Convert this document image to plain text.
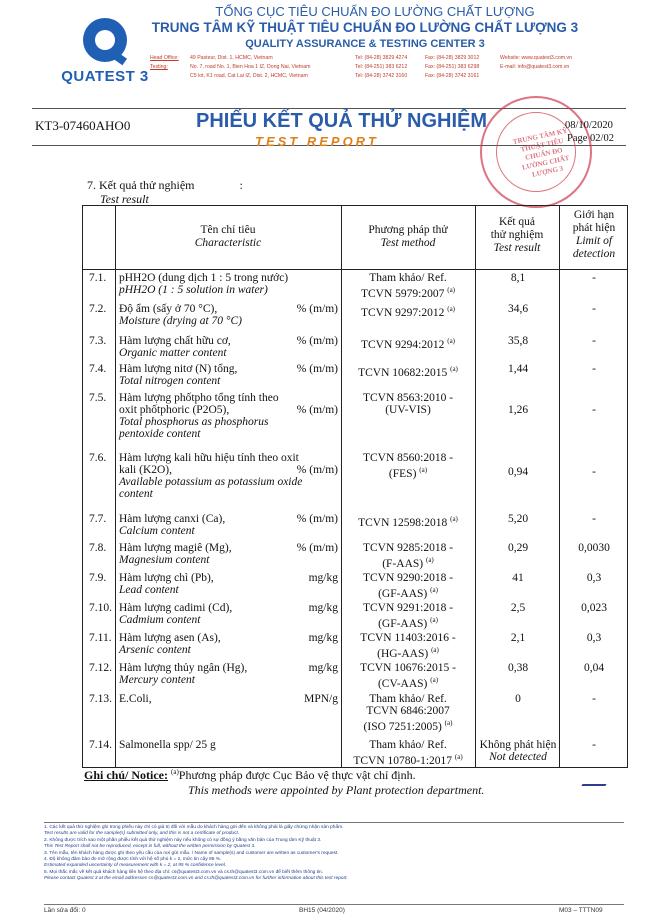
QUATEST 3
TỔNG CỤC TIÊU CHUẨN ĐO LƯỜNG CHẤT LƯỢNG
TRUNG TÂM KỸ THUẬT TIÊU CHUẨN ĐO LƯỜNG CHẤT LƯỢNG 3
QUALITY ASSURANCE & TESTING CENTER 3
Head Office:	49 Pasteur, Dist. 1, HCMC, Vietnam	Tel: (84-28) 3829 4274	Fax: (84-28) 3829 3012	Website: www.quatest3.com.vn
Testing:	No. 7, road No. 1, Bien Hoa 1 IZ, Dong Nai, Vietnam	Tel: (84-251) 383 6212	Fax: (84-251) 383 6298	E-mail: info@quatest3.com.vn
C5 lot, K1 road, Cat Lai IZ, Dist. 2, HCMC, Vietnam	Tel: (84-28) 3742 3160	Fax: (84-28) 3742 3161
KT3-07460AHO0	PHIẾU KẾT QUẢ THỬ NGHIỆM
TEST REPORT	TRUNG TÂM KỸ THUẬT TIÊU CHUẨN ĐO LƯỜNG CHẤT LƯỢNG 3
08/10/2020
Page 02/02
7. Kết quả thử nghiệm	:
Test result
Tên chỉ tiêu
Characteristic
Phương pháp thử
Test method
Kết quả
thử nghiệm
Test result
Giới hạn
phát hiện
Limit of
detection
7.1. pHH2O (dung dịch 1 : 5 trong nước)
pHH2O (1 : 5 solution in water)
Tham khảo/ Ref.
TCVN 5979:2007 $^{(a)}$
8,1	-
7.2. Độ ẩm (sấy ở 70 °C),
Moisture (drying at 70 °C)
% (m/m)	TCVN 9297:2012 $^{(a)}$	34,6	-
7.3. Hàm lượng chất hữu cơ,
Organic matter content
% (m/m)	TCVN 9294:2012 $^{(a)}$	35,8	-
7.4. Hàm lượng nitơ (N) tổng,
Total nitrogen content
% (m/m)	TCVN 10682:2015 $^{(a)}$	1,44	-
7.5. Hàm lượng phốtpho tổng tính theo oxit phốtphoric (P2O5),
Total phosphorus as phosphorus pentoxide content
% (m/m)
TCVN 8563:2010 -
(UV-VIS)	1,26	-
7.6. Hàm lượng kali hữu hiệu tính theo oxit kali (K2O),
Available potassium as potassium oxide content
% (m/m)
TCVN 8560:2018 -
(FES) $^{(a)}$	0,94	-
7.7. Hàm lượng canxi (Ca),
Calcium content
% (m/m)	TCVN 12598:2018 $^{(a)}$	5,20	-
7.8. Hàm lượng magiê (Mg),
Magnesium content
% (m/m)	TCVN 9285:2018 -
(F-AAS) $^{(a)}$
0,29	0,0030
7.9. Hàm lượng chì (Pb),
Lead content
mg/kg	TCVN 9290:2018 -
(GF-AAS) $^{(a)}$
41	0,3
7.10. Hàm lượng cadimi (Cd),
Cadmium content
mg/kg	TCVN 9291:2018 -
(GF-AAS) $^{(a)}$
2,5	0,023
7.11. Hàm lượng asen (As),
Arsenic content
mg/kg	TCVN 11403:2016 -
(HG-AAS) $^{(a)}$
2,1	0,3
7.12. Hàm lượng thủy ngân (Hg),
Mercury content
mg/kg	TCVN 10676:2015 -
(CV-AAS) $^{(a)}$
0,38	0,04
7.13. E.Coli,	MPN/g	Tham khảo/ Ref.
TCVN 6846:2007
(ISO 7251:2005) $^{(a)}$
0	-
7.14. Salmonella spp/ 25 g	Tham khảo/ Ref.
TCVN 10780-1:2017 $^{(a)}$
Không phát hiện
Not detected
-
Ghi chú/ Notice: $^{(a)}$Phương pháp được Cục Bảo vệ thực vật chỉ định.
This methods were appointed by Plant protection department.
1. Các kết quả thử nghiệm ghi trong phiếu này chỉ có giá trị đối với mẫu do khách hàng gửi đến và không phải là giấy chứng nhận sản phẩm.
Test results are valid for the sample(s) submitted only, and this is not a certificate of product.
2. Không được trích sao một phần phiếu kết quả thử nghiệm này nếu không có sự đồng ý bằng văn bản của Trung tâm Kỹ thuật 3.
This Test Report shall not be reproduced, except in full, without the written permission by Quatest 3.
3. Tên mẫu, tên khách hàng được ghi theo yêu cầu của nơi gửi mẫu. / Name of sample(s) and customer are written as customer's request.
4. Độ không đảm bảo đo mở rộng được tính với hệ số phủ k = 2, mức tin cậy 95 %.
Estimated expanded uncertainty of measurement with k = 2, at 95 % confidence level.
5. Mọi thắc mắc về kết quả khách hàng liên hệ theo địa chỉ: cs@quatest3.com.vn và cs.th@quatest3.com.vn để biết thêm thông tin.
Please contact Quatest 3 at the email addresses cs@quatest3.com.vn and cs.th@quatest3.com.vn for further information about this test report.
Lần sửa đổi: 0	BH15 (04/2020)	M03 – TTTN09
